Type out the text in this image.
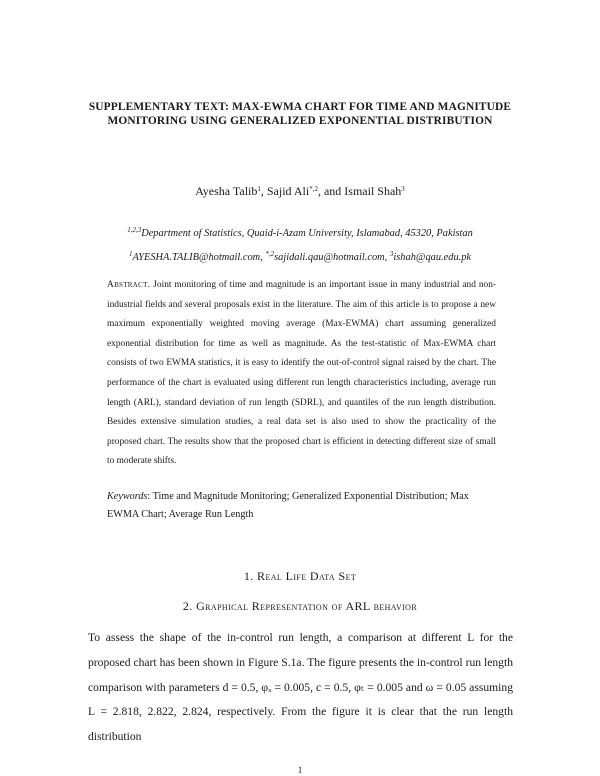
SUPPLEMENTARY TEXT: MAX-EWMA CHART FOR TIME AND MAGNITUDE MONITORING USING GENERALIZED EXPONENTIAL DISTRIBUTION
Ayesha Talib$^1$, Sajid Ali$^{*,2}$, and Ismail Shah$^3$
$^{1,2,3}$Department of Statistics, Quaid-i-Azam University, Islamabad, 45320, Pakistan
$^1$AYESHA.TALIB@hotmail.com, $^{*,2}$sajidali.qau@hotmail.com, $^3$ishah@qau.edu.pk
Abstract. Joint monitoring of time and magnitude is an important issue in many industrial and non-industrial fields and several proposals exist in the literature. The aim of this article is to propose a new maximum exponentially weighted moving average (Max-EWMA) chart assuming generalized exponential distribution for time as well as magnitude. As the test-statistic of Max-EWMA chart consists of two EWMA statistics, it is easy to identify the out-of-control signal raised by the chart. The performance of the chart is evaluated using different run length characteristics including, average run length (ARL), standard deviation of run length (SDRL), and quantiles of the run length distribution. Besides extensive simulation studies, a real data set is also used to show the practicality of the proposed chart. The results show that the proposed chart is efficient in detecting different size of small to moderate shifts.
Keywords: Time and Magnitude Monitoring; Generalized Exponential Distribution; Max EWMA Chart; Average Run Length
1. Real Life Data Set
2. Graphical Representation of ARL behavior
To assess the shape of the in-control run length, a comparison at different L for the proposed chart has been shown in Figure S.1a. The figure presents the in-control run length comparison with parameters d = 0.5, φₓ = 0.005, c = 0.5, φₜ = 0.005 and ω = 0.05 assuming L = 2.818, 2.822, 2.824, respectively. From the figure it is clear that the run length distribution
1
